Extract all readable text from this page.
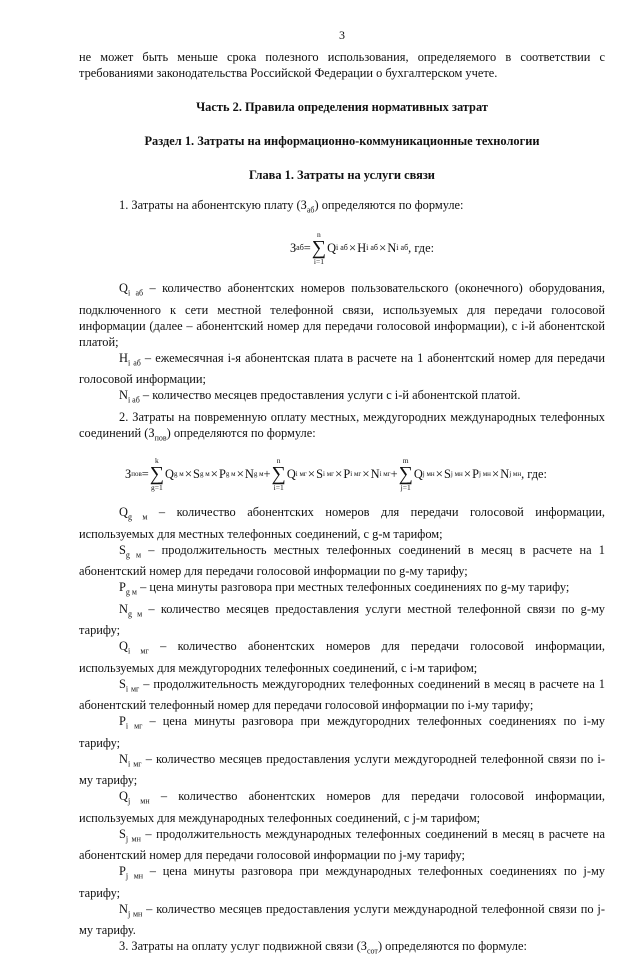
3

не может быть меньше срока полезного использования, определяемого в соответствии с требованиями законодательства Российской Федерации о бухгалтерском учете.

Часть 2. Правила определения нормативных затрат
Раздел 1. Затраты на информационно-коммуникационные технологии
Глава 1. Затраты на услуги связи

1. Затраты на абонентскую плату $(З_{аб})$ определяются по формуле:

З аб =
n
∑
i=1
Q i аб × H i аб × N i аб , где:

$Q_{i аб}$ – количество абонентских номеров пользовательского (оконечного) оборудования, подключенного к сети местной телефонной связи, используемых для передачи голосовой информации (далее – абонентский номер для передачи голосовой информации), с i-й абонентской платой;

$H_{i аб}$ – ежемесячная i-я абонентская плата в расчете на 1 абонентский номер для передачи голосовой информации;

$N_{i аб}$ – количество месяцев предоставления услуги с i-й абонентской платой.

2. Затраты на повременную оплату местных, междугородних международных телефонных соединений $(З_{пов})$ определяются по формуле:

З пов =
k
∑
g=1
Q g м × S g м × P g м × N g м +
n
∑
i=1
Q i мг × S i мг × P i мг × N i мг +
m
∑
j=1
Q j мн × S j мн × P j мн × N j мн , где:

$Q_{g м}$ – количество абонентских номеров для передачи голосовой информации, используемых для местных телефонных соединений, с g-м тарифом;

$S_{g м}$ – продолжительность местных телефонных соединений в месяц в расчете на 1 абонентский номер для передачи голосовой информации по g-му тарифу;

$P_{g м}$ – цена минуты разговора при местных телефонных соединениях по g-му тарифу;

$N_{g м}$ – количество месяцев предоставления услуги местной телефонной связи по g-му тарифу;

$Q_{i мг}$ – количество абонентских номеров для передачи голосовой информации, используемых для междугородних телефонных соединений, с i-м тарифом;

$S_{i мг}$ – продолжительность междугородних телефонных соединений в месяц в расчете на 1 абонентский телефонный номер для передачи голосовой информации по i-му тарифу;

$P_{i мг}$ – цена минуты разговора при междугородних телефонных соединениях по i-му тарифу;

$N_{i мг}$ – количество месяцев предоставления услуги междугородней телефонной связи по i-му тарифу;

$Q_{j мн}$ – количество абонентских номеров для передачи голосовой информации, используемых для международных телефонных соединений, с j-м тарифом;

$S_{j мн}$ – продолжительность международных телефонных соединений в месяц в расчете на абонентский номер для передачи голосовой информации по j-му тарифу;

$P_{j мн}$ – цена минуты разговора при международных телефонных соединениях по j-му тарифу;

$N_{j мн}$ – количество месяцев предоставления услуги международной телефонной связи по j-му тарифу.

3. Затраты на оплату услуг подвижной связи $(З_{сот})$ определяются по формуле:
